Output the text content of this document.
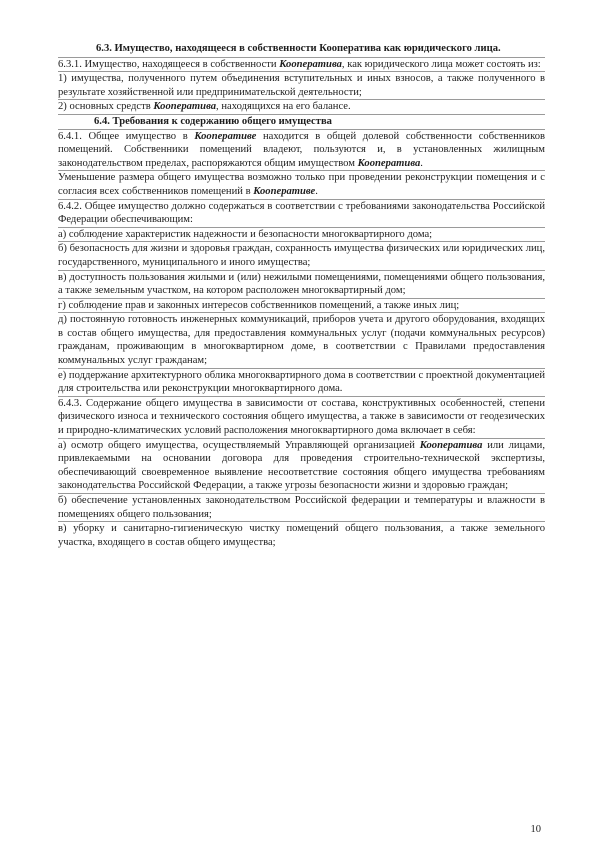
6.3. Имущество, находящееся в собственности Кооператива как юридического лица.

6.3.1. Имущество, находящееся в собственности Кооператива, как юридического лица может состоять из:

1) имущества, полученного путем объединения вступительных и иных взносов, а также полученного в результате хозяйственной или предпринимательской деятельности;

2) основных средств Кооператива, находящихся на его балансе.

6.4. Требования к содержанию общего имущества

6.4.1. Общее имущество в Кооперативе находится в общей долевой собственности собственников помещений. Собственники помещений владеют, пользуются и, в установленных жилищным законодательством пределах, распоряжаются общим имуществом Кооператива.

Уменьшение размера общего имущества возможно только при проведении реконструкции помещения и с согласия всех собственников помещений в Кооперативе.

6.4.2. Общее имущество должно содержаться в соответствии с требованиями законодательства Российской Федерации обеспечивающим:

а) соблюдение характеристик надежности и безопасности многоквартирного дома;

б) безопасность для жизни и здоровья граждан, сохранность имущества физических или юридических лиц, государственного, муниципального и иного имущества;

в) доступность пользования жилыми и (или) нежилыми помещениями, помещениями общего пользования, а также земельным участком, на котором расположен многоквартирный дом;

г) соблюдение прав и законных интересов собственников помещений, а также иных лиц;

д) постоянную готовность инженерных коммуникаций, приборов учета и другого оборудования, входящих в состав общего имущества, для предоставления коммунальных услуг (подачи коммунальных ресурсов) гражданам, проживающим в многоквартирном доме, в соответствии с Правилами предоставления коммунальных услуг гражданам;

е) поддержание архитектурного облика многоквартирного дома в соответствии с проектной документацией для строительства или реконструкции многоквартирного дома.

6.4.3. Содержание общего имущества в зависимости от состава, конструктивных особенностей, степени физического износа и технического состояния общего имущества, а также в зависимости от геодезических и природно-климатических условий расположения многоквартирного дома включает в себя:

а) осмотр общего имущества, осуществляемый Управляющей организацией Кооператива или лицами, привлекаемыми на основании договора для проведения строительно-технической экспертизы, обеспечивающий своевременное выявление несоответствие состояния общего имущества требованиям законодательства Российской Федерации, а также угрозы безопасности жизни и здоровью граждан;

б) обеспечение установленных законодательством Российской федерации и температуры и влажности в помещениях общего пользования;

в) уборку и санитарно-гигиеническую чистку помещений общего пользования, а также земельного участка, входящего в состав общего имущества;

10
